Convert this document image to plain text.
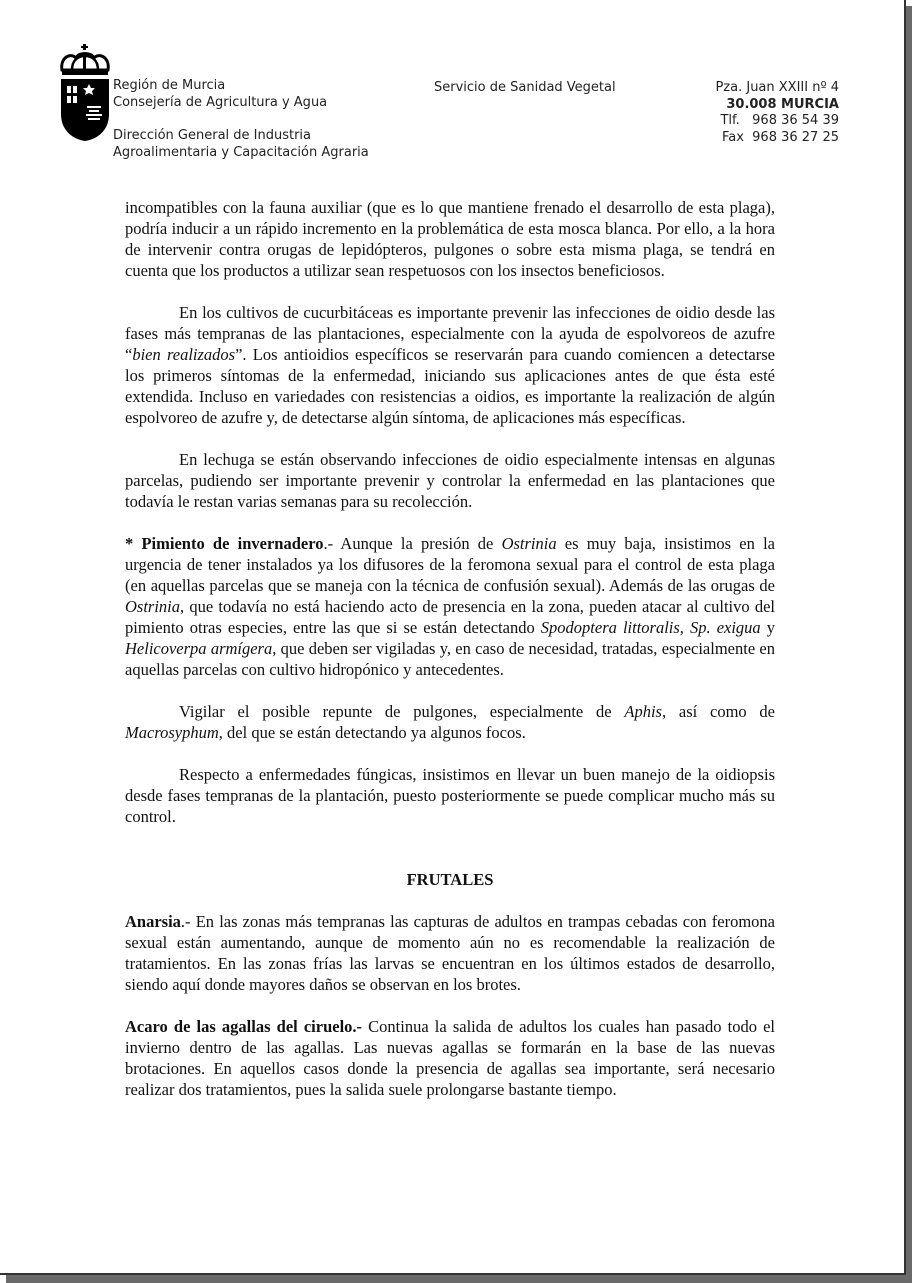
Región de Murcia
Consejería de Agricultura y Agua
Dirección General de Industria
Agroalimentaria y Capacitación Agraria
Servicio de Sanidad Vegetal	Pza. Juan XXIII nº 4
30.008 MURCIA
Tlf.   968 36 54 39
Fax  968 36 27 25

incompatibles con la fauna auxiliar (que es lo que mantiene frenado el desarrollo de esta plaga), podría inducir a un rápido incremento en la problemática de esta mosca blanca. Por ello, a la hora de intervenir contra orugas de lepidópteros, pulgones o sobre esta misma plaga, se tendrá en cuenta que los productos a utilizar sean respetuosos con los insectos beneficiosos.

En los cultivos de cucurbitáceas es importante prevenir las infecciones de oidio desde las fases más tempranas de las plantaciones, especialmente con la ayuda de espolvoreos de azufre “bien realizados”. Los antioidios específicos se reservarán para cuando comiencen a detectarse los primeros síntomas de la enfermedad, iniciando sus aplicaciones antes de que ésta esté extendida. Incluso en variedades con resistencias a oidios, es importante la realización de algún espolvoreo de azufre y, de detectarse algún síntoma, de aplicaciones más específicas.

En lechuga se están observando infecciones de oidio especialmente intensas en algunas parcelas, pudiendo ser importante prevenir y controlar la enfermedad en las plantaciones que todavía le restan varias semanas para su recolección.

* Pimiento de invernadero.- Aunque la presión de Ostrinia es muy baja, insistimos en la urgencia de tener instalados ya los difusores de la feromona sexual para el control de esta plaga (en aquellas parcelas que se maneja con la técnica de confusión sexual). Además de las orugas de Ostrinia, que todavía no está haciendo acto de presencia en la zona, pueden atacar al cultivo del pimiento otras especies, entre las que si se están detectando Spodoptera littoralis, Sp. exigua y Helicoverpa armígera, que deben ser vigiladas y, en caso de necesidad, tratadas, especialmente en aquellas parcelas con cultivo hidropónico y antecedentes.

Vigilar el posible repunte de pulgones, especialmente de Aphis, así como de Macrosyphum, del que se están detectando ya algunos focos.

Respecto a enfermedades fúngicas, insistimos en llevar un buen manejo de la oidiopsis desde fases tempranas de la plantación, puesto posteriormente se puede complicar mucho más su control.

FRUTALES

Anarsia.- En las zonas más tempranas las capturas de adultos en trampas cebadas con feromona sexual están aumentando, aunque de momento aún no es recomendable la realización de tratamientos. En las zonas frías las larvas se encuentran en los últimos estados de desarrollo, siendo aquí donde mayores daños se observan en los brotes.

Acaro de las agallas del ciruelo.- Continua la salida de adultos los cuales han pasado todo el invierno dentro de las agallas. Las nuevas agallas se formarán en la base de las nuevas brotaciones. En aquellos casos donde la presencia de agallas sea importante, será necesario realizar dos tratamientos, pues la salida suele prolongarse bastante tiempo.
